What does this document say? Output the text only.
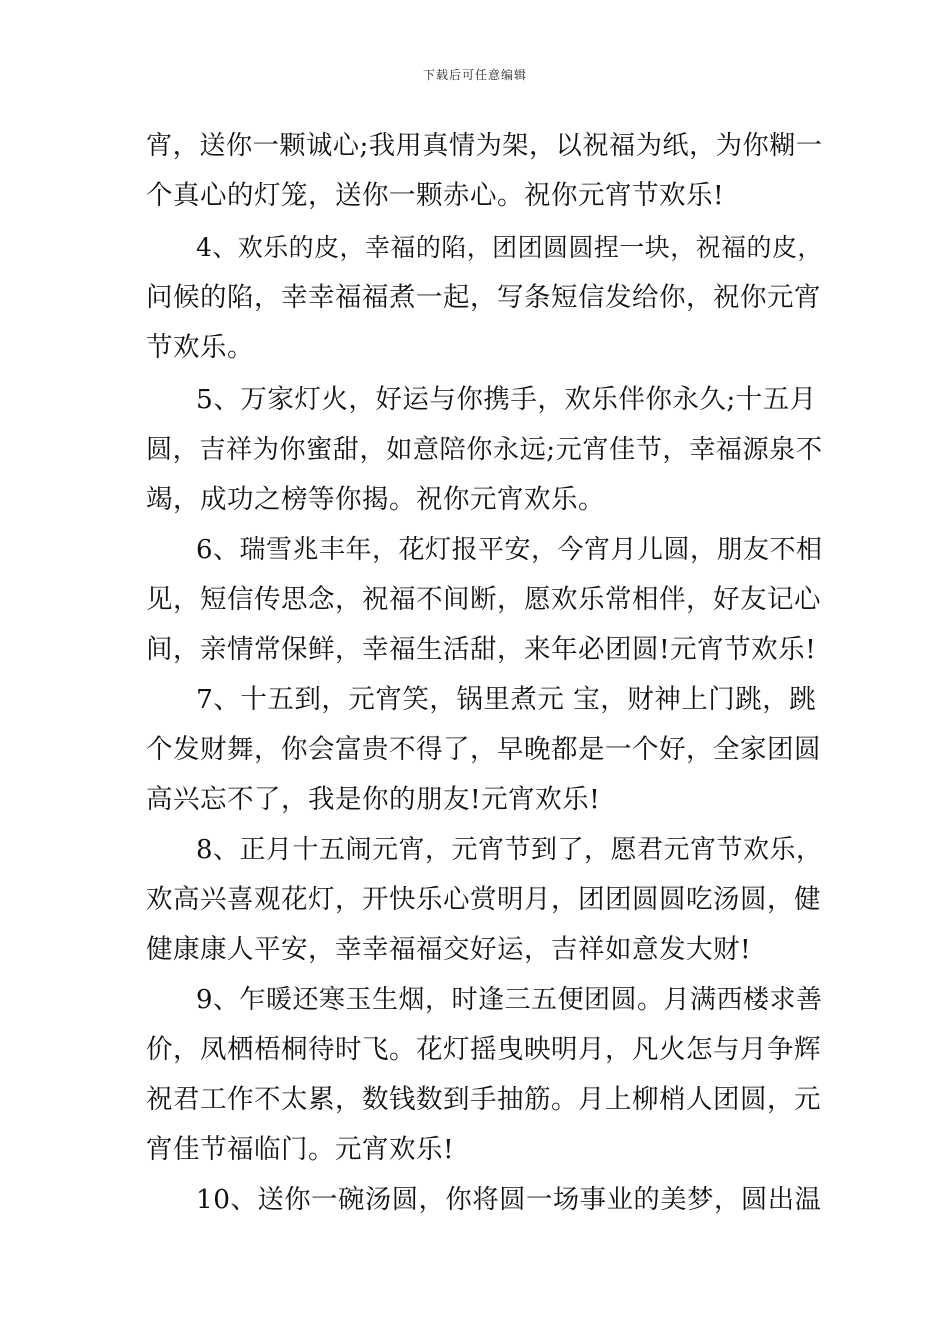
下载后可任意编辑
宵，送你一颗诚心;我用真情为架，以祝福为纸，为你糊一
个真心的灯笼，送你一颗赤心。祝你元宵节欢乐!
4、欢乐的皮，幸福的陷，团团圆圆捏一块，祝福的皮，
问候的陷，幸幸福福煮一起，写条短信发给你，祝你元宵
节欢乐。
5、万家灯火，好运与你携手，欢乐伴你永久;十五月
圆，吉祥为你蜜甜，如意陪你永远;元宵佳节，幸福源泉不
竭，成功之榜等你揭。祝你元宵欢乐。
6、瑞雪兆丰年，花灯报平安，今宵月儿圆，朋友不相
见，短信传思念，祝福不间断，愿欢乐常相伴，好友记心
间，亲情常保鲜，幸福生活甜，来年必团圆!元宵节欢乐!
7、十五到，元宵笑，锅里煮元 宝，财神上门跳，跳
个发财舞，你会富贵不得了，早晚都是一个好，全家团圆
高兴忘不了，我是你的朋友!元宵欢乐!
8、正月十五闹元宵，元宵节到了，愿君元宵节欢乐，
欢高兴喜观花灯，开快乐心赏明月，团团圆圆吃汤圆，健
健康康人平安，幸幸福福交好运，吉祥如意发大财!
9、乍暖还寒玉生烟，时逢三五便团圆。月满西楼求善
价，凤栖梧桐待时飞。花灯摇曳映明月，凡火怎与月争辉
祝君工作不太累，数钱数到手抽筋。月上柳梢人团圆，元
宵佳节福临门。元宵欢乐!
10、送你一碗汤圆，你将圆一场事业的美梦，圆出温
